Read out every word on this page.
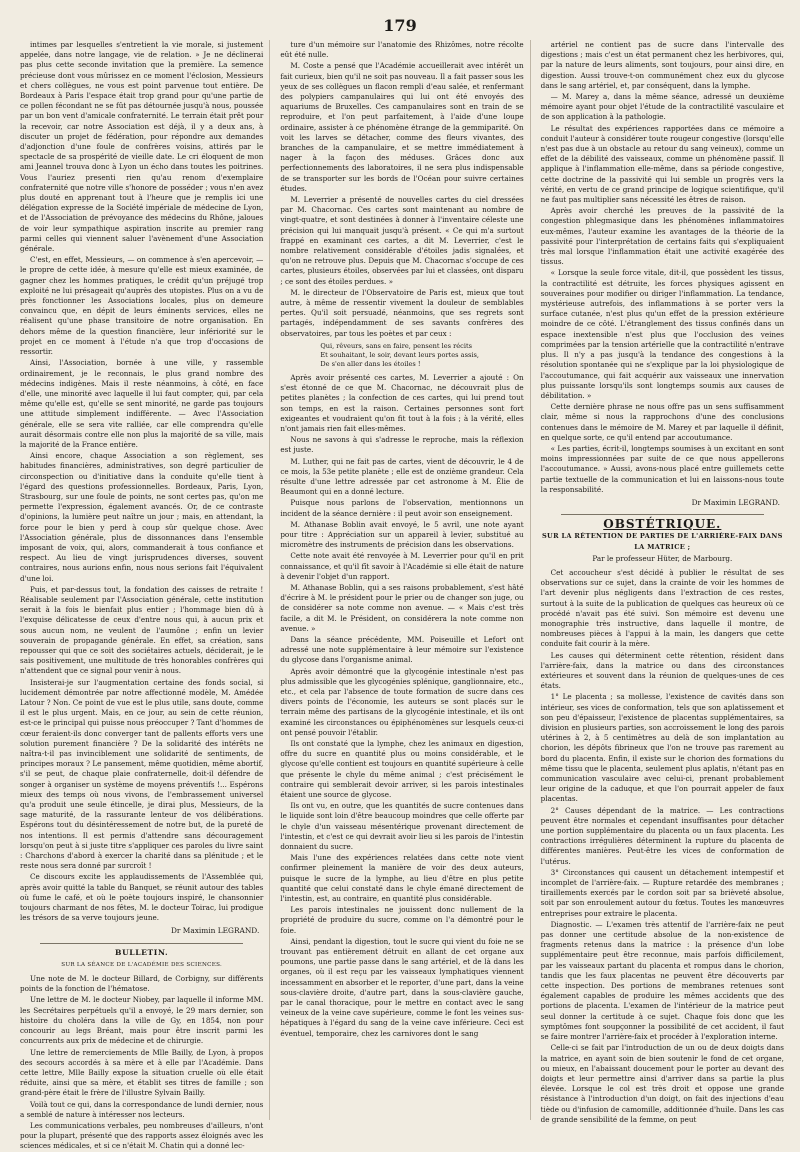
179

intimes par lesquelles s'entretient la vie morale, si justement appelée, dans notre langage, vie de relation. » Je ne déclinerai pas plus cette seconde invitation que la première. La semence précieuse dont vous mûrissez en ce moment l'éclosion, Messieurs et chers collègues, ne vous est point parvenue tout entière. De Bordeaux à Paris l'espace était trop grand pour qu'une partie de ce pollen fécondant ne se fût pas détournée jusqu'à nous, poussée par un bon vent d'amicale confraternité. Le terrain était prêt pour la recevoir, car notre Association est déjà, il y a deux ans, à discuter un projet de fédération, pour répondre aux demandes d'adjonction d'une foule de confrères voisins, attirés par le spectacle de sa prospérité de vieille date. Le cri éloquent de mon ami Jeannel trouva donc à Lyon un écho dans toutes les poitrines. Vous l'auriez presenti rien qu'au renom d'exemplaire confraternité que notre ville s'honore de posséder ; vous n'en avez plus douté en apprenant tout à l'heure que je remplis ici une délégation expresse de la Société impériale de médecine de Lyon, et de l'Association de prévoyance des médecins du Rhône, jaloues de voir leur sympathique aspiration inscrite au premier rang parmi celles qui viennent saluer l'avènement d'une Association générale.

C'est, en effet, Messieurs, — on commence à s'en apercevoir, — le propre de cette idée, à mesure qu'elle est mieux examinée, de gagner chez les hommes pratiques, le crédit qu'un préjugé trop exploité ne lui présageait qu'auprès des utopistes. Plus on a vu de près fonctionner les Associations locales, plus on demeure convaincu que, en dépit de leurs éminents services, elles ne réalisent qu'une phase transitoire de notre organisation. En dehors même de la question financière, leur infériorité sur le projet en ce moment à l'étude n'a que trop d'occasions de ressortir.

Ainsi, l'Association, bornée à une ville, y rassemble ordinairement, je le reconnais, le plus grand nombre des médecins indigènes. Mais il reste néanmoins, à côté, en face d'elle, une minorité avec laquelle il lui faut compter, qui, par cela même qu'elle est, qu'elle se sent minorité, ne garde pas toujours une attitude simplement indifférente. — Avec l'Association générale, elle se sera vite ralliée, car elle comprendra qu'elle aurait désormais contre elle non plus la majorité de sa ville, mais la majorité de la France entière.

Ainsi encore, chaque Association a son règlement, ses habitudes financières, administratives, son degré particulier de circonspection ou d'initiative dans la conduite qu'elle tient à l'égard des questions professionnelles. Bordeaux, Paris, Lyon, Strasbourg, sur une foule de points, ne sont certes pas, qu'on me permette l'expression, également avancés. Or, de ce contraste d'opinions, la lumière peut naître un jour ; mais, en attendant, la force pour le bien y perd à coup sûr quelque chose. Avec l'Association générale, plus de dissonnances dans l'ensemble imposant de voix, qui, alors, commanderait à tous confiance et respect. Au lieu de vingt jurisprudences diverses, souvent contraires, nous aurions enfin, nous nous serions fait l'équivalent d'une loi.

Puis, et par-dessus tout, la fondation des caisses de retraite ! Réalisable seulement par l'Association générale, cette institution serait à la fois le bienfait plus entier ; l'hommage bien dû à l'exquise délicatesse de ceux d'entre nous qui, à aucun prix et sous aucun nom, ne veulent de l'aumône ; enfin un levier souverain de propagande générale. En effet, sa création, sans repousser qui que ce soit des sociétaires actuels, déciderait, je le sais positivement, une multitude de très honorables confrères qui n'attendent que ce signal pour venir à nous.

Insisterai-je sur l'augmentation certaine des fonds social, si lucidement démontrée par notre affectionné modèle, M. Amédée Latour ? Non. Ce point de vue est le plus utile, sans doute, comme il est le plus urgent. Mais, en ce jour, au sein de cette réunion, est-ce le principal qui puisse nous préoccuper ? Tant d'hommes de cœur feraient-ils donc converger tant de pallents efforts vers une solution purement financière ? De la solidarité des intérêts ne naîtra-t-il pas invinciblement une solidarité de sentiments, de principes moraux ? Le pansement, même quotidien, même abortif, s'il se peut, de chaque plaie confraternelle, doit-il défendre de songer à organiser un système de moyens préventifs !... Espérons mieux des temps où nous vivons, de l'embrassement universel qu'a produit une seule étincelle, je dirai plus, Messieurs, de la sage maturité, de la rassurante lenteur de vos délibérations. Espérons tout du désintéressement de notre but, de la pureté de nos intentions. Il est permis d'attendre sans découragement lorsqu'on peut à si juste titre s'appliquer ces paroles du livre saint : Charchons d'abord à exercer la charité dans sa plénitude ; et le reste nous sera donné par surcroît !

Ce discours excite les applaudissements de l'Assemblée qui, après avoir quitté la table du Banquet, se réunit autour des tables où fume le café, et où le poète toujours inspiré, le chansonnier toujours charmant de nos fêtes, M. le docteur Toirac, lui prodigue les trésors de sa verve toujours jeune.

Dr Maximin LEGRAND.
BULLETIN.
SUR LA SÉANCE DE L'ACADÉMIE DES SCIENCES.

Une note de M. le docteur Billard, de Corbigny, sur différents points de la fonction de l'hématose.

Une lettre de M. le docteur Niobey, par laquelle il informe MM. les Secrétaires perpétuels qu'il a envoyé, le 29 mars dernier, son histoire du choléra dans la ville de Gy, en 1854, non pour concourir au legs Bréant, mais pour être inscrit parmi les concurrents aux prix de médecine et de chirurgie.

Une lettre de remerciements de Mlle Bailly, de Lyon, à propos des secours accordés à sa mère et à elle par l'Académie. Dans cette lettre, Mlle Bailly expose la situation cruelle où elle était réduite, ainsi que sa mère, et établit ses titres de famille ; son grand-père était le frère de l'illustre Sylvain Bailly.

Voilà tout ce qui, dans la correspondance de lundi dernier, nous a semblé de nature à intéresser nos lecteurs.

Les communications verbales, peu nombreuses d'ailleurs, n'ont pour la plupart, présenté que des rapports assez éloignés avec les sciences médicales, et si ce n'était M. Chatin qui a donné lec-

ture d'un mémoire sur l'anatomie des Rhizômes, notre récolte eût été nulle.

M. Coste a pensé que l'Académie accueillerait avec intérêt un fait curieux, bien qu'il ne soit pas nouveau. Il a fait passer sous les yeux de ses collègues un flacon rempli d'eau salée, et renfermant des polypiers campanulaires qui lui ont été envoyés des aquariums de Bruxelles. Ces campanulaires sont en train de se reproduire, et l'on peut parfaitement, à l'aide d'une loupe ordinaire, assister à ce phénomène étrange de la gemmiparité. On voit les larves se détacher, comme des fleurs vivantes, des branches de la campanulaire, et se mettre immédiatement à nager à la façon des méduses. Grâces donc aux perfectionnements des laboratoires, il ne sera plus indispensable de se transporter sur les bords de l'Océan pour suivre certaines études.

M. Leverrier a présenté de nouvelles cartes du ciel dressées par M. Chacornac. Ces cartes sont maintenant au nombre de vingt-quatre, et sont destinées à donner à l'inventaire céleste une précision qui lui manquait jusqu'à présent. « Ce qui m'a surtout frappé en examinant ces cartes, a dit M. Leverrier, c'est le nombre relativement considérable d'étoiles jadis signalées, et qu'on ne retrouve plus. Depuis que M. Chacornac s'occupe de ces cartes, plusieurs étoiles, observées par lui et classées, ont disparu ; ce sont des étoiles perdues. »

M. le directeur de l'Observatoire de Paris est, mieux que tout autre, à même de ressentir vivement la douleur de semblables pertes. Qu'il soit persuadé, néanmoins, que ses regrets sont partagés, indépendamment de ses savants confrères des observatoires, par tous les poètes et par ceux :

Qui, rêveurs, sans en faire, pensent les récits
Et souhaitant, le soir, devant leurs portes assis,
De s'en aller dans les étoiles !

Après avoir présenté ces cartes, M. Leverrier a ajouté : On s'est étonné de ce que M. Chacornac, ne découvrait plus de petites planètes ; la confection de ces cartes, qui lui prend tout son temps, en est la raison. Certaines personnes sont fort exigeantes et voudraient qu'on fit tout à la fois ; à la vérité, elles n'ont jamais rien fait elles-mêmes.

Nous ne savons à qui s'adresse le reproche, mais la réflexion est juste.

M. Luther, qui ne fait pas de cartes, vient de découvrir, le 4 de ce mois, la 53e petite planète ; elle est de onzième grandeur. Cela résulte d'une lettre adressée par cet astronome à M. Élie de Beaumont qui en a donné lecture.

Puisque nous parlons de l'observation, mentionnons un incident de la séance dernière : il peut avoir son enseignement.

M. Athanase Boblin avait envoyé, le 5 avril, une note ayant pour titre : Appréciation sur un appareil à levier, substitué au micromètre des instruments de précision dans les observations.

Cette note avait été renvoyée à M. Leverrier pour qu'il en prit connaissance, et qu'il fît savoir à l'Académie si elle était de nature à devenir l'objet d'un rapport.

M. Athanase Boblin, qui a ses raisons probablement, s'est hâté d'écrire à M. le président pour le prier ou de changer son juge, ou de considérer sa note comme non avenue. — « Mais c'est très facile, a dit M. le Président, on considérera la note comme non avenue. »

Dans la séance précédente, MM. Poiseuille et Lefort ont adressé une note supplémentaire à leur mémoire sur l'existence du glycose dans l'organisme animal.

Après avoir démontré que la glycogénie intestinale n'est pas plus admissible que les glycogénies splénique, ganglionnaire, etc., etc., et cela par l'absence de toute formation de sucre dans ces divers points de l'économie, les auteurs se sont placés sur le terrain même des partisans de la glycogénie intestinale, et ils ont examiné les circonstances ou épiphénomènes sur lesquels ceux-ci ont pensé pouvoir l'établir.

Ils ont constaté que la lymphe, chez les animaux en digestion, offre du sucre en quantité plus ou moins considérable, et le glycose qu'elle contient est toujours en quantité supérieure à celle que présente le chyle du même animal ; c'est précisément le contraire qui semblerait devoir arriver, si les parois intestinales étaient une source de glycose.

Ils ont vu, en outre, que les quantités de sucre contenues dans le liquide sont loin d'être beaucoup moindres que celle offerte par le chyle d'un vaisseau mésentérique provenant directement de l'intestin, et c'est ce qui devrait avoir lieu si les parois de l'intestin donnaient du sucre.

Mais l'une des expériences relatées dans cette note vient confirmer pleinement la manière de voir des deux auteurs, puisque le sucre de la lymphe, au lieu d'être en plus petite quantité que celui constaté dans le chyle émané directement de l'intestin, est, au contraire, en quantité plus considérable.

Les parois intestinales ne jouissent donc nullement de la propriété de produire du sucre, comme on l'a démontré pour le foie.

Ainsi, pendant la digestion, tout le sucre qui vient du foie ne se trouvant pas entièrement détruit en allant de cet organe aux poumons, une partie passe dans le sang artériel, et de là dans les organes, où il est reçu par les vaisseaux lymphatiques viennent incessamment en absorber et le reporter, d'une part, dans la veine sous-clavière droite, d'autre part, dans la sous-clavière gauche, par le canal thoracique, pour le mettre en contact avec le sang veineux de la veine cave supérieure, comme le font les veines sus-hépatiques à l'égard du sang de la veine cave inférieure. Ceci est éventuel, temporaire, chez les carnivores dont le sang

artériel ne contient pas de sucre dans l'intervalle des digestions ; mais c'est un état permanent chez les herbivores, qui, par la nature de leurs aliments, sont toujours, pour ainsi dire, en digestion. Aussi trouve-t-on communément chez eux du glycose dans le sang artériel, et, par conséquent, dans la lymphe.

— M. Marey a, dans la même séance, adressé un deuxième mémoire ayant pour objet l'étude de la contractilité vasculaire et de son application à la pathologie.

Le résultat des expériences rapportées dans ce mémoire a conduit l'auteur à considérer toute rougeur congestive (lorsqu'elle n'est pas due à un obstacle au retour du sang veineux), comme un effet de la débilité des vaisseaux, comme un phénomène passif. Il applique à l'inflammation elle-même, dans sa période congestive, cette doctrine de la passivité qui lui semble un progrès vers la vérité, en vertu de ce grand principe de logique scientifique, qu'il ne faut pas multiplier sans nécessité les êtres de raison.

Après avoir cherché les preuves de la passivité de la congestion phlegmasique dans les phénomènes inflammatoires eux-mêmes, l'auteur examine les avantages de la théorie de la passivité pour l'interprétation de certains faits qui s'expliquaient très mal lorsque l'inflammation était une activité exagérée des tissus.

« Lorsque la seule force vitale, dit-il, que possèdent les tissus, la contractilité est détruite, les forces physiques agissent en souveraines pour modifier ou diriger l'inflammation. La tendance, mystérieuse autrefois, des inflammations à se porter vers la surface cutanée, n'est plus qu'un effet de la pression extérieure moindre de ce côté. L'étranglement des tissus confinés dans un espace inextensible n'est plus que l'occlusion des veines comprimées par la tension artérielle que la contractilité n'entrave plus. Il n'y a pas jusqu'à la tendance des congestions à la résolution spontanée qui ne s'explique par la loi physiologique de l'accoutumance, qui fait acquérir aux vaisseaux une innervation plus puissante lorsqu'ils sont longtemps soumis aux causes de débilitation. »

Cette dernière phrase ne nous offre pas un sens suffisamment clair, même si nous la rapprochons d'une des conclusions contenues dans le mémoire de M. Marey et par laquelle il définit, en quelque sorte, ce qu'il entend par accoutumance.

« Les parties, écrit-il, longtemps soumises à un excitant en sont moins impressionnées par suite de ce que nous appellerons l'accoutumance. » Aussi, avons-nous placé entre guillemets cette partie textuelle de la communication et lui en laissons-nous toute la responsabilité.

Dr Maximin LEGRAND.
OBSTÉTRIQUE.
SUR LA RÉTENTION DE PARTIES DE L'ARRIÈRE-FAIX DANS LA MATRICE ;
Par le professeur Hüter, de Marbourg.

Cet accoucheur s'est décidé à publier le résultat de ses observations sur ce sujet, dans la crainte de voir les hommes de l'art devenir plus négligents dans l'extraction de ces restes, surtout à la suite de la publication de quelques cas heureux où ce procédé n'avait pas été suivi. Son mémoire est devenu une monographie très instructive, dans laquelle il montre, de nombreuses pièces à l'appui à la main, les dangers que cette conduite fait courir à la mère.

Les causes qui déterminent cette rétention, résident dans l'arrière-faix, dans la matrice ou dans des circonstances extérieures et souvent dans la réunion de quelques-unes de ces états.

1° Le placenta ; sa mollesse, l'existence de cavités dans son intérieur, ses vices de conformation, tels que son aplatissement et son peu d'épaisseur, l'existence de placentas supplémentaires, sa division en plusieurs parties, son accroissement le long des parois utérines à 2, à 5 centimètres au delà de son implantation au chorion, les dépôts fibrineux que l'on ne trouve pas rarement au bord du placenta. Enfin, il existe sur le chorion des formations du même tissu que le placenta, seulement plus aplatis, n'étant pas en communication vasculaire avec celui-ci, prenant probablement leur origine de la caduque, et que l'on pourrait appeler de faux placentas.

2° Causes dépendant de la matrice. — Les contractions peuvent être normales et cependant insuffisantes pour détacher une portion supplémentaire du placenta ou un faux placenta. Les contractions irrégulières déterminent la rupture du placenta de différentes manières. Peut-être les vices de conformation de l'utérus.

3° Circonstances qui causent un détachement intempestif et incomplet de l'arrière-faix. — Rupture retardée des membranes ; tiraillements exercés par le cordon soit par sa brièveté absolue, soit par son enroulement autour du fœtus. Toutes les manœuvres entreprises pour extraire le placenta.

Diagnostic. — L'examen très attentif de l'arrière-faix ne peut pas donner une certitude absolue de la non-existence de fragments retenus dans la matrice : la présence d'un lobe supplémentaire peut être reconnue, mais parfois difficilement, par les vaisseaux partant du placenta et rompus dans le chorion, tandis que les faux placentas ne peuvent être découverts par cette inspection. Des portions de membranes retenues sont également capables de produire les mêmes accidents que des portions de placenta. L'examen de l'intérieur de la matrice peut seul donner la certitude à ce sujet. Chaque fois donc que les symptômes font soupçonner la possibilité de cet accident, il faut se faire montrer l'arrière-faix et procéder à l'exploration interne.

Celle-ci se fait par l'introduction de un ou de deux doigts dans la matrice, en ayant soin de bien soutenir le fond de cet organe, ou mieux, en l'abaissant doucement pour le porter au devant des doigts et leur permettre ainsi d'arriver dans sa partie la plus élevée. Lorsque le col est très droit et oppose une grande résistance à l'introduction d'un doigt, on fait des injections d'eau tiède ou d'infusion de camomille, additionnée d'huile. Dans les cas de grande sensibilité de la femme, on peut
